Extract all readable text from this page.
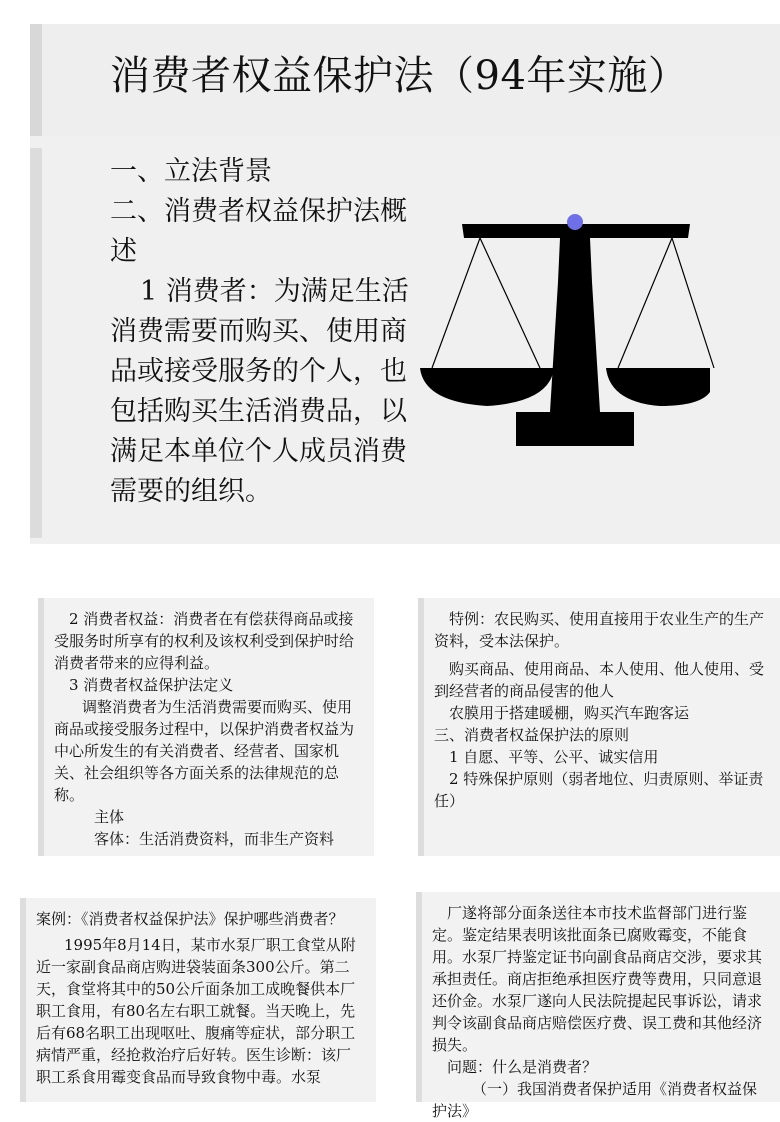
消费者权益保护法（94年实施）

一、立法背景

二、消费者权益保护法概述

1 消费者：为满足生活消费需要而购买、使用商品或接受服务的个人，也包括购买生活消费品，以满足本单位个人成员消费需要的组织。

2 消费者权益：消费者在有偿获得商品或接受服务时所享有的权利及该权利受到保护时给消费者带来的应得利益。

3 消费者权益保护法定义

调整消费者为生活消费需要而购买、使用商品或接受服务过程中，以保护消费者权益为中心所发生的有关消费者、经营者、国家机关、社会组织等各方面关系的法律规范的总称。

主体

客体：生活消费资料，而非生产资料

特例：农民购买、使用直接用于农业生产的生产资料，受本法保护。

购买商品、使用商品、本人使用、他人使用、受到经营者的商品侵害的他人

农膜用于搭建暖棚，购买汽车跑客运

三、消费者权益保护法的原则

1 自愿、平等、公平、诚实信用

2 特殊保护原则（弱者地位、归责原则、举证责任）

案例：《消费者权益保护法》保护哪些消费者？

1995年8月14日，某市水泵厂职工食堂从附近一家副食品商店购进袋装面条300公斤。第二天，食堂将其中的50公斤面条加工成晚餐供本厂职工食用，有80名左右职工就餐。当天晚上，先后有68名职工出现呕吐、腹痛等症状，部分职工病情严重，经抢救治疗后好转。医生诊断：该厂职工系食用霉变食品而导致食物中毒。水泵

厂遂将部分面条送往本市技术监督部门进行鉴定。鉴定结果表明该批面条已腐败霉变，不能食用。水泵厂持鉴定证书向副食品商店交涉，要求其承担责任。商店拒绝承担医疗费等费用，只同意退还价金。水泵厂遂向人民法院提起民事诉讼，请求判令该副食品商店赔偿医疗费、误工费和其他经济损失。

问题：什么是消费者？

（一）我国消费者保护适用《消费者权益保护法》
